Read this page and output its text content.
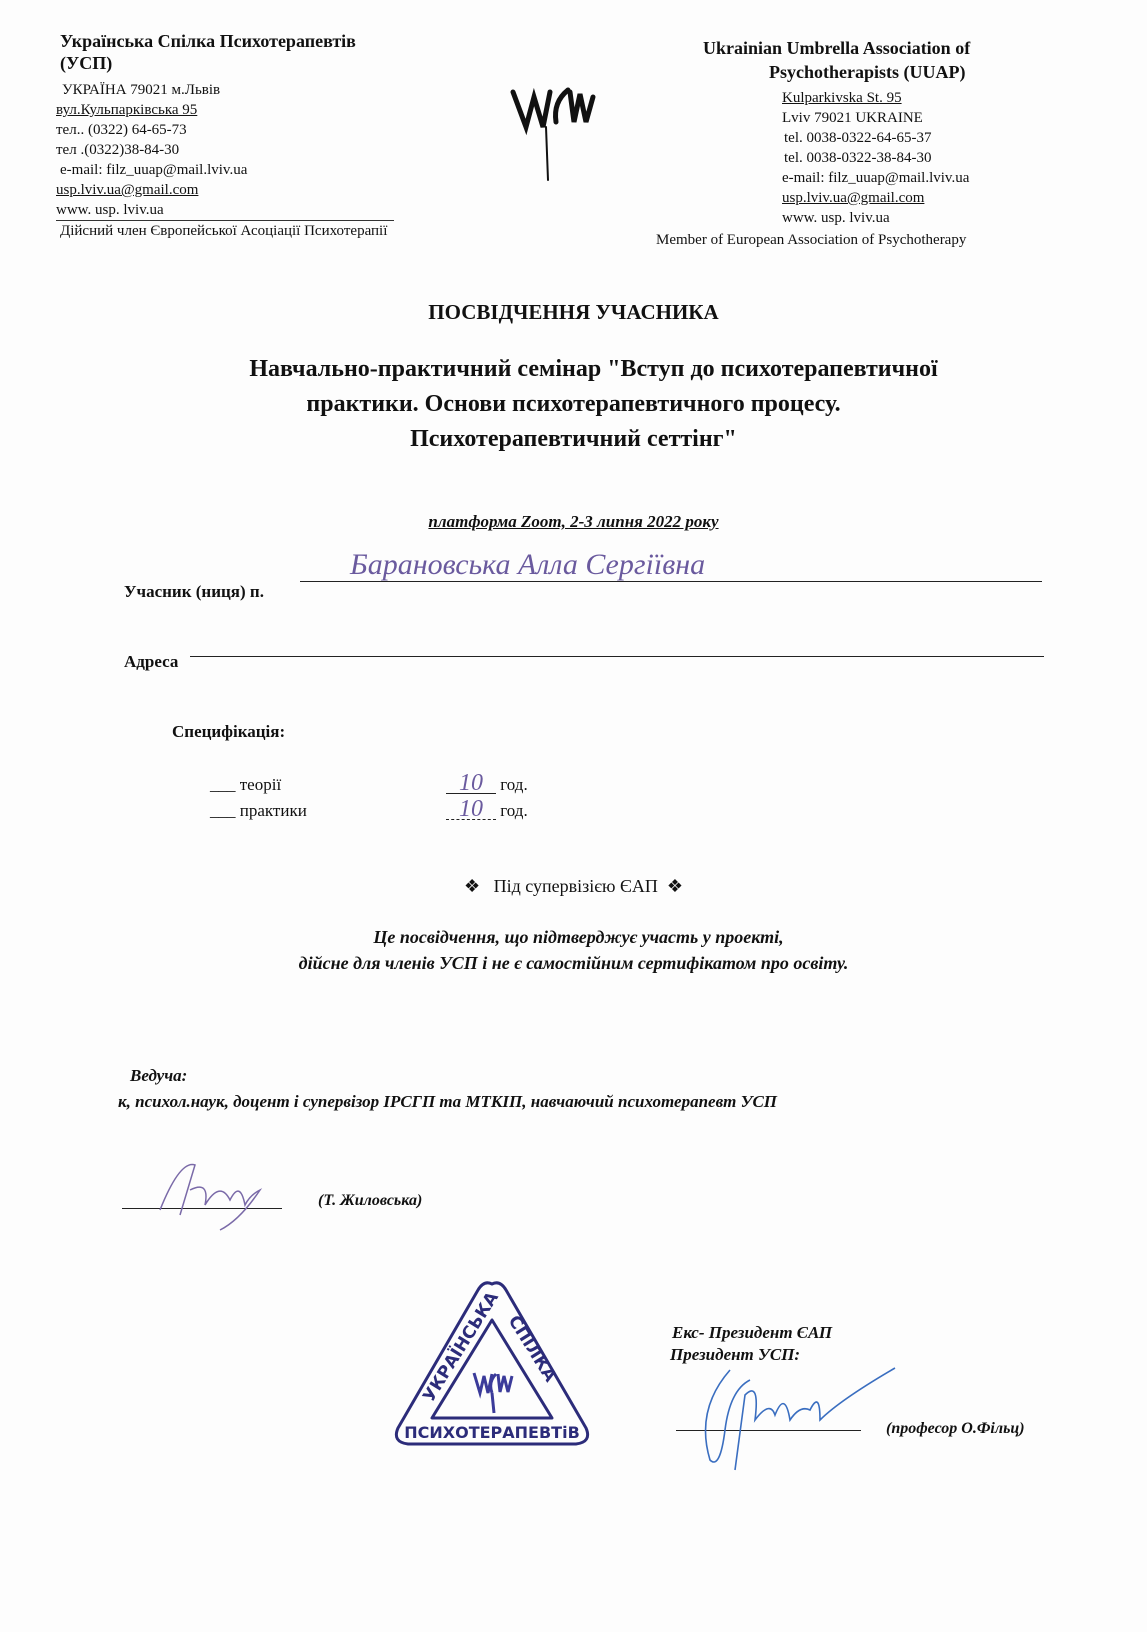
Українська Спілка Психотерапевтів
(УСП)
УКРАЇНА 79021 м.Львів
вул.Кульпарківська 95
тел.. (0322) 64-65-73
тел .(0322)38-84-30
e-mail: filz_uuap@mail.lviv.ua
usp.lviv.ua@gmail.com
www. usp. lviv.ua
Дійсний член Європейської Асоціації Психотерапії
Ukrainian Umbrella Association of
Psychotherapists (UUAP)
Kulparkivska St. 95
Lviv 79021 UKRAINE
tel. 0038-0322-64-65-37
tel. 0038-0322-38-84-30
e-mail: filz_uuap@mail.lviv.ua
usp.lviv.ua@gmail.com
www. usp. lviv.ua
Member of European Association of Psychotherapy
ПОСВІДЧЕННЯ УЧАСНИКА
Навчально-практичний семінар "Вступ до психотерапевтичної
практики. Основи психотерапевтичного процесу.
Психотерапевтичний сеттінг"
платформа Zoom, 2-3 липня 2022 року
Учасник (ниця) п.
Барановська Алла Сергіївна
Адреса
Специфікація:
___ теорії
___ практики
10 год.
10 год.
❖ Під супервізією ЄАП ❖
Це посвідчення, що підтверджує участь у проекті,
дійсне для членів УСП і не є самостійним сертифікатом про освіту.
Ведуча:
к, психол.наук, доцент і супервізор ІРСГП та МТКІП, навчаючий психотерапевт УСП
(Т. Жиловська)
УКРАЇНСЬКА СПІЛКА
ПСИХОТЕРАПЕВТіВ
Екс- Президент ЄАП
Президент УСП:
(професор О.Фільц)
